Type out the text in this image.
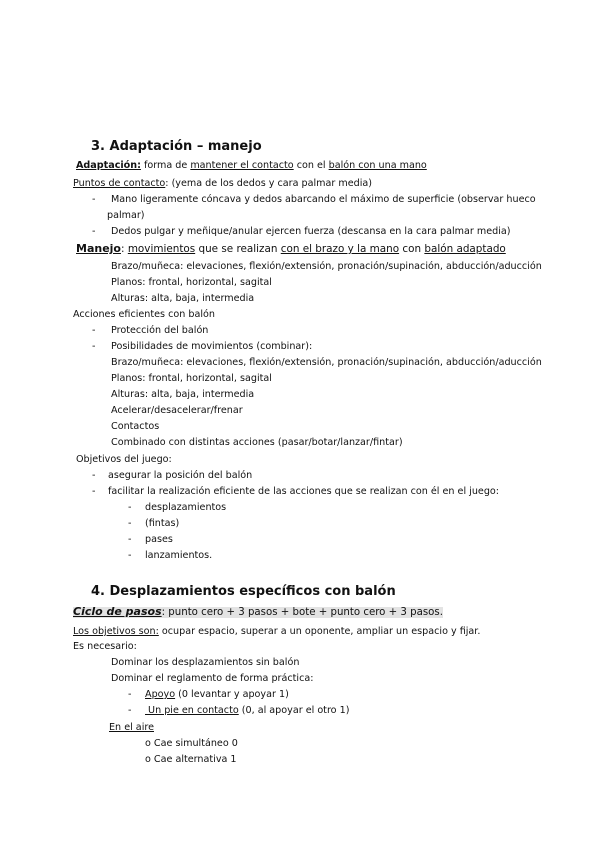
3. Adaptación – manejo
Adaptación: forma de mantener el contacto con el balón con una mano
Puntos de contacto: (yema de los dedos y cara palmar media)
- Mano ligeramente cóncava y dedos abarcando el máximo de superficie (observar hueco
palmar)
- Dedos pulgar y meñique/anular ejercen fuerza (descansa en la cara palmar media)
Manejo: movimientos que se realizan con el brazo y la mano con balón adaptado
Brazo/muñeca: elevaciones, flexión/extensión, pronación/supinación, abducción/aducción
Planos: frontal, horizontal, sagital
Alturas: alta, baja, intermedia
Acciones eficientes con balón
- Protección del balón
- Posibilidades de movimientos (combinar):
Brazo/muñeca: elevaciones, flexión/extensión, pronación/supinación, abducción/aducción
Planos: frontal, horizontal, sagital
Alturas: alta, baja, intermedia
Acelerar/desacelerar/frenar
Contactos
Combinado con distintas acciones (pasar/botar/lanzar/fintar)
Objetivos del juego:
- asegurar la posición del balón
- facilitar la realización eficiente de las acciones que se realizan con él en el juego:
- desplazamientos
- (fintas)
- pases
- lanzamientos.
4. Desplazamientos específicos con balón
Ciclo de pasos: punto cero + 3 pasos + bote + punto cero + 3 pasos.
Los objetivos son: ocupar espacio, superar a un oponente, ampliar un espacio y fijar.
Es necesario:
Dominar los desplazamientos sin balón
Dominar el reglamento de forma práctica:
- Apoyo (0 levantar y apoyar 1)
- Un pie en contacto (0, al apoyar el otro 1)
En el aire
o Cae simultáneo 0
o Cae alternativa 1
